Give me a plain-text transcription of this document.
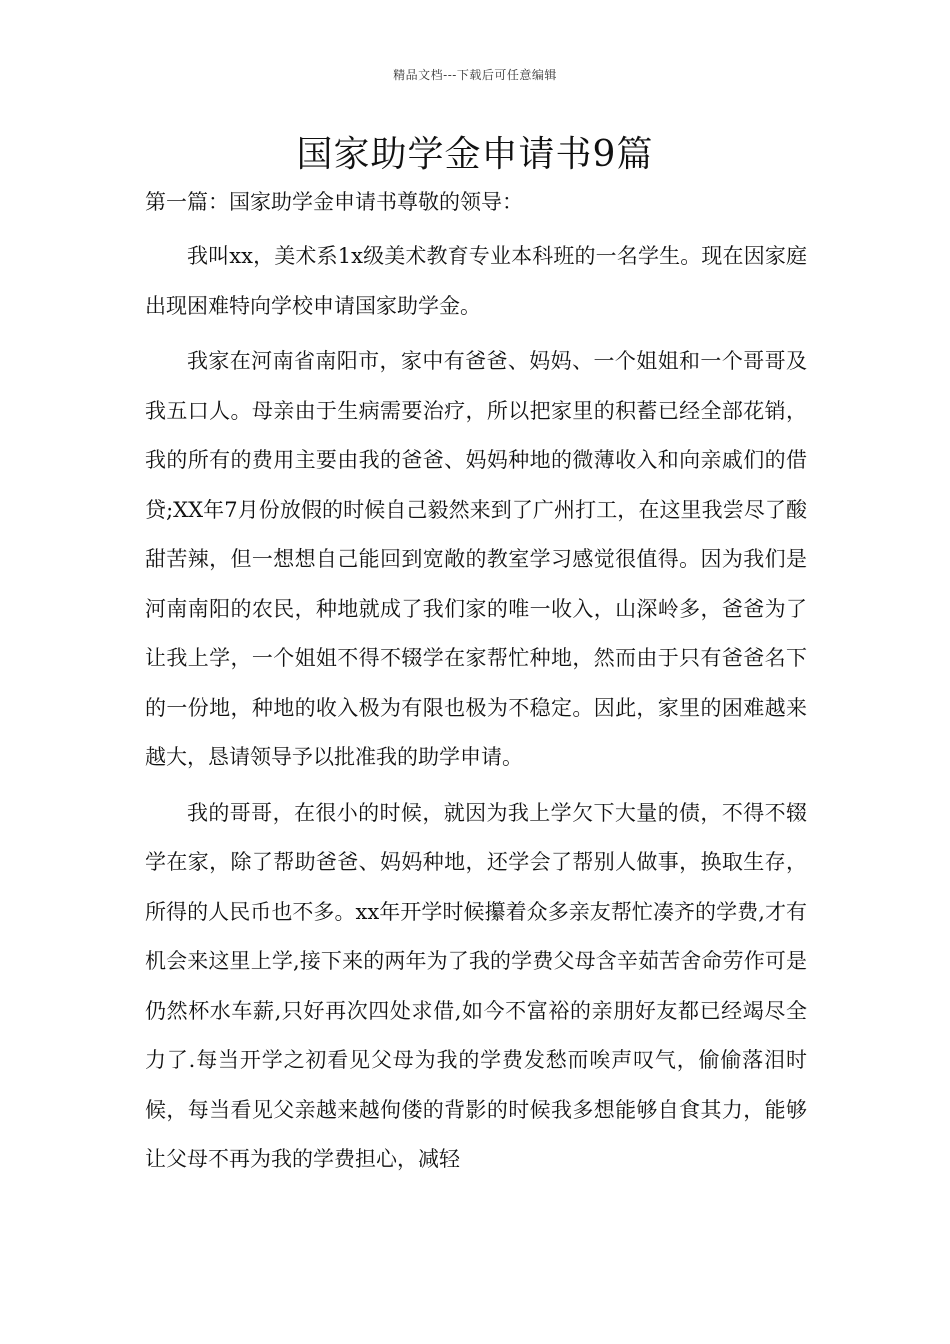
精品文档---下载后可任意编辑
国家助学金申请书9篇

第一篇：国家助学金申请书尊敬的领导：

我叫xx，美术系1x级美术教育专业本科班的一名学生。现在因家庭出现困难特向学校申请国家助学金。

我家在河南省南阳市，家中有爸爸、妈妈、一个姐姐和一个哥哥及我五口人。母亲由于生病需要治疗，所以把家里的积蓄已经全部花销，我的所有的费用主要由我的爸爸、妈妈种地的微薄收入和向亲戚们的借贷;XX年7月份放假的时候自己毅然来到了广州打工，在这里我尝尽了酸甜苦辣，但一想想自己能回到宽敞的教室学习感觉很值得。因为我们是河南南阳的农民，种地就成了我们家的唯一收入，山深岭多，爸爸为了让我上学，一个姐姐不得不辍学在家帮忙种地，然而由于只有爸爸名下的一份地，种地的收入极为有限也极为不稳定。因此，家里的困难越来越大，恳请领导予以批准我的助学申请。

我的哥哥，在很小的时候，就因为我上学欠下大量的债，不得不辍学在家，除了帮助爸爸、妈妈种地，还学会了帮别人做事，换取生存，所得的人民币也不多。xx年开学时候攥着众多亲友帮忙凑齐的学费,才有机会来这里上学,接下来的两年为了我的学费父母含辛茹苦舍命劳作可是仍然杯水车薪,只好再次四处求借,如今不富裕的亲朋好友都已经竭尽全力了.每当开学之初看见父母为我的学费发愁而唉声叹气，偷偷落泪时候，每当看见父亲越来越佝偻的背影的时候我多想能够自食其力，能够让父母不再为我的学费担心，减轻
